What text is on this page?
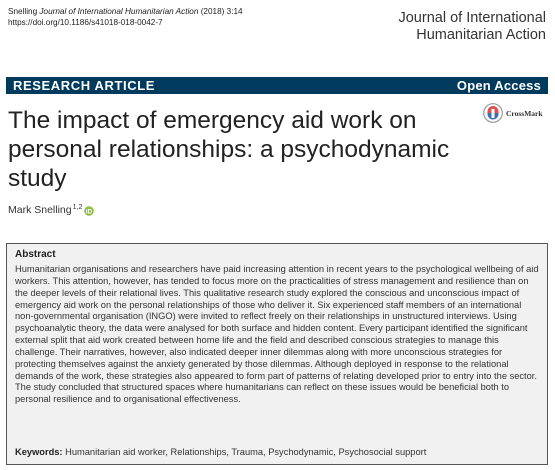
Snelling Journal of International Humanitarian Action (2018) 3:14
https://doi.org/10.1186/s41018-018-0042-7	Journal of International
Humanitarian Action
RESEARCH ARTICLE	Open Access
CrossMark
The impact of emergency aid work on personal relationships: a psychodynamic study
Mark Snelling$^{1,2}$
iD
Abstract
Humanitarian organisations and researchers have paid increasing attention in recent years to the psychological wellbeing of aid workers. This attention, however, has tended to focus more on the practicalities of stress management and resilience than on the deeper levels of their relational lives. This qualitative research study explored the conscious and unconscious impact of emergency aid work on the personal relationships of those who deliver it. Six experienced staff members of an international non-governmental organisation (INGO) were invited to reflect freely on their relationships in unstructured interviews. Using psychoanalytic theory, the data were analysed for both surface and hidden content. Every participant identified the significant external split that aid work created between home life and the field and described conscious strategies to manage this challenge. Their narratives, however, also indicated deeper inner dilemmas along with more unconscious strategies for protecting themselves against the anxiety generated by those dilemmas. Although deployed in response to the relational demands of the work, these strategies also appeared to form part of patterns of relating developed prior to entry into the sector. The study concluded that structured spaces where humanitarians can reflect on these issues would be beneficial both to personal resilience and to organisational effectiveness.
Keywords: Humanitarian aid worker, Relationships, Trauma, Psychodynamic, Psychosocial support
